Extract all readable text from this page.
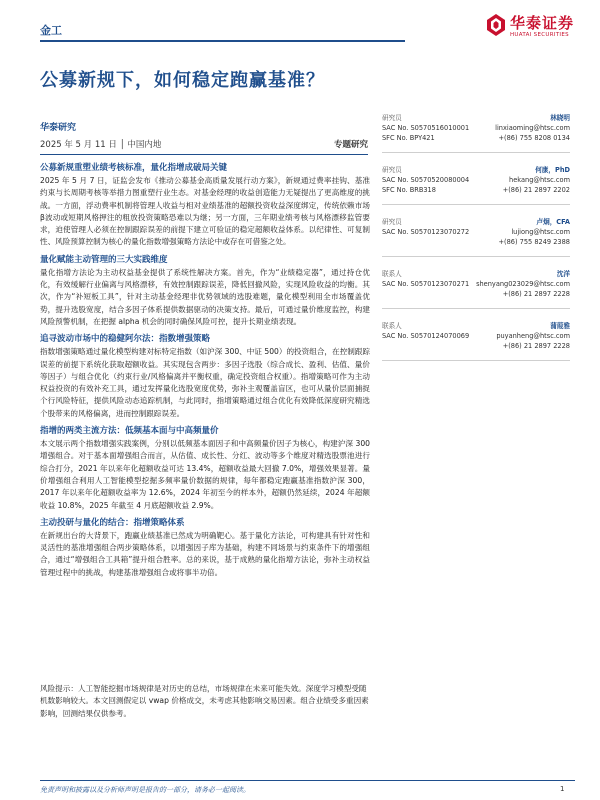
金工	华泰证券
HUATAI SECURITIES
公募新规下，如何稳定跑赢基准？
华泰研究
2025 年 5 月 11 日 │ 中国内地	专题研究
公募新规重塑业绩考核标准，量化指增成破局关键
2025 年 5 月 7 日，证监会发布《推动公募基金高质量发展行动方案》，新规通过费率挂钩、基准约束与长周期考核等举措力图重塑行业生态。对基金经理的收益创造能力无疑提出了更高维度的挑战。一方面，浮动费率机制将管理人收益与相对业绩基准的超额投资收益深度绑定，传统依赖市场β波动或短期风格押注的粗放投资策略恐难以为继；另一方面，三年期业绩考核与风格漂移监管要求，迫使管理人必须在控制跟踪误差的前提下建立可验证的稳定超额收益体系。以纪律性、可复制性、风险预算控制为核心的量化指数增强策略方法论中或存在可借鉴之处。
量化赋能主动管理的三大实践维度
量化指增方法论为主动权益基金提供了系统性解决方案。首先，作为“业绩稳定器”，通过持仓优化，有效缓解行业偏离与风格漂移，有效控制跟踪误差，降低回撤风险，实现风险收益的均衡。其次，作为“补短板工具”，针对主动基金经理非优势领域的选股难题，量化模型利用全市场覆盖优势，提升选股宽度，结合多因子体系提供数据驱动的决策支持。最后，可通过量价维度监控，构建风险预警机制，在把握 alpha 机会的同时确保风险可控，提升长期业绩表现。
追寻波动市场中的稳健阿尔法：指数增强策略
指数增强策略通过量化模型构建对标特定指数（如沪深 300、中证 500）的投资组合，在控制跟踪误差的前提下系统化获取超额收益。其实现包含两步：多因子选股（综合成长、盈利、估值、量价等因子）与组合优化（约束行业/风格偏离并平衡权重，确定投资组合权重）。指增策略可作为主动权益投资的有效补充工具，通过发挥量化选股宽度优势，弥补主观覆盖盲区，也可从量价层面捕捉个行风险特征，提供风险动态追踪机制，与此同时，指增策略通过组合优化有效降低深度研究精选个股带来的风格偏离，进而控制跟踪误差。
指增的两类主流方法：低频基本面与中高频量价
本文展示两个指数增强实践案例，分别以低频基本面因子和中高频量价因子为核心，构建沪深 300 增强组合。对于基本面增强组合而言，从估值、成长性、分红、波动等多个维度对精选股票池进行综合打分，2021 年以来年化超额收益可达 13.4%，超额收益最大回撤 7.0%，增强效果显著。量价增强组合利用人工智能模型挖掘多频率量价数据的规律，每年都稳定跑赢基准指数沪深 300，2017 年以来年化超额收益率为 12.6%，2024 年初至今的样本外，超额仍然延续，2024 年超额收益 10.8%，2025 年截至 4 月底超额收益 2.9%。
主动投研与量化的结合：指增策略体系
在新规出台的大背景下，跑赢业绩基准已然成为明确靶心。基于量化方法论，可构建具有针对性和灵活性的基准增强组合两步策略体系，以增强因子库为基础，构建不同场景与约束条件下的增强组合，通过“增强组合工具箱”提升组合胜率。总的来说，基于成熟的量化指增方法论，弥补主动权益管理过程中的挑战，构建基准增强组合或将事半功倍。
风险提示：人工智能挖掘市场规律是对历史的总结，市场规律在未来可能失效。深度学习模型受随机数影响较大。本文回测假定以 vwap 价格成交，未考虑其他影响交易因素。组合业绩受多重因素影响，回测结果仅供参考。
研究员	林晓明
SAC No. S0570516010001	linxiaoming@htsc.com
SFC No. BPY421	+(86) 755 8208 0134
研究员	何康，PhD
SAC No. S0570520080004	hekang@htsc.com
SFC No. BRB318	+(86) 21 2897 2202
研究员	卢炯，CFA
SAC No. S0570123070272	lujiong@htsc.com
+(86) 755 8249 2388
联系人	沈洋
SAC No. S0570123070271 shenyang023029@htsc.com
+(86) 21 2897 2228
联系人	蒲葭雅
SAC No. S0570124070069	puyanheng@htsc.com
+(86) 21 2897 2228
免责声明和披露以及分析师声明是报告的一部分，请务必一起阅读。	1
